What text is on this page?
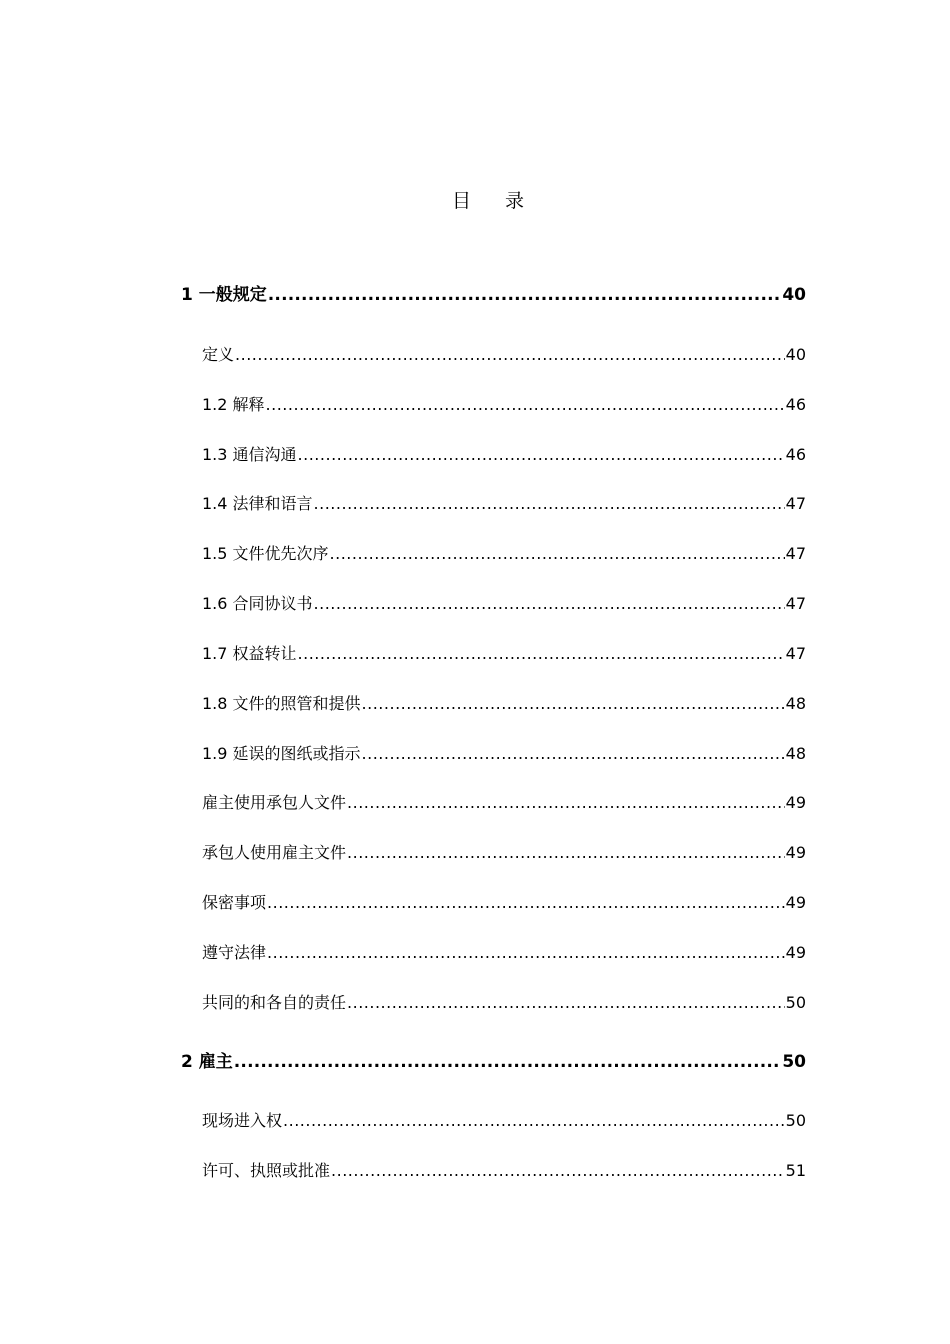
目 录
1 一般规定 .....	40
定义 .....	40
1.2 解释 .....	46
1.3 通信沟通 .....	46
1.4 法律和语言 .....	47
1.5 文件优先次序 .....	47
1.6 合同协议书 .....	47
1.7 权益转让 .....	47
1.8 文件的照管和提供 .....	48
1.9 延误的图纸或指示 .....	48
雇主使用承包人文件 .....	49
承包人使用雇主文件 .....	49
保密事项 .....	49
遵守法律 .....	49
共同的和各自的责任 .....	50
2 雇主 .....	50
现场进入权 .....	50
许可、执照或批准 .....	51
